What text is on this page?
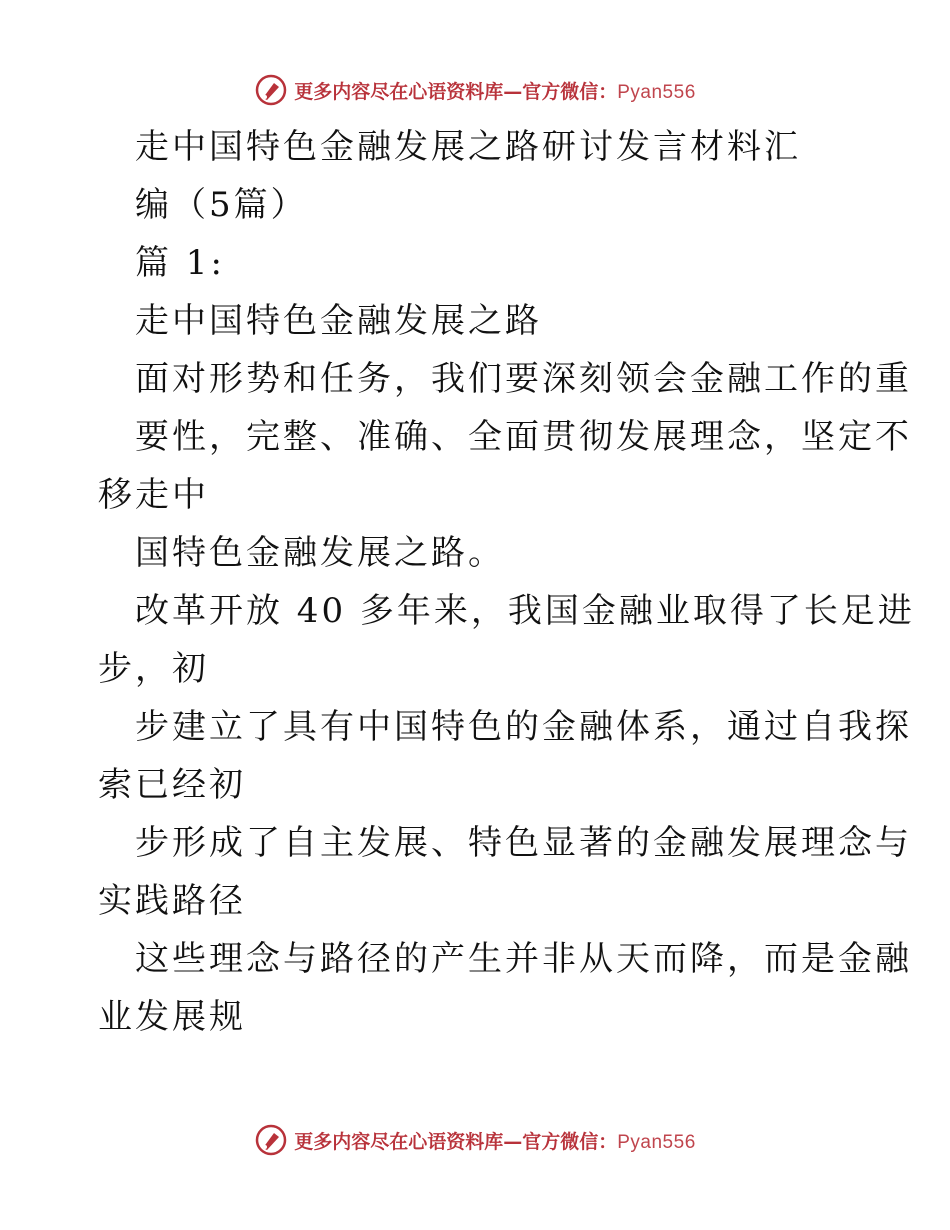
更多内容尽在心语资料库—官方微信：Pyan556
走中国特色金融发展之路研讨发言材料汇
编（5篇）
篇 1:
走中国特色金融发展之路
面对形势和任务，我们要深刻领会金融工作的重
要性，完整、准确、全面贯彻发展理念，坚定不
移走中
国特色金融发展之路。
改革开放 40 多年来，我国金融业取得了长足进
步，初
步建立了具有中国特色的金融体系，通过自我探
索已经初
步形成了自主发展、特色显著的金融发展理念与
实践路径
这些理念与路径的产生并非从天而降，而是金融
业发展规
更多内容尽在心语资料库—官方微信：Pyan556
